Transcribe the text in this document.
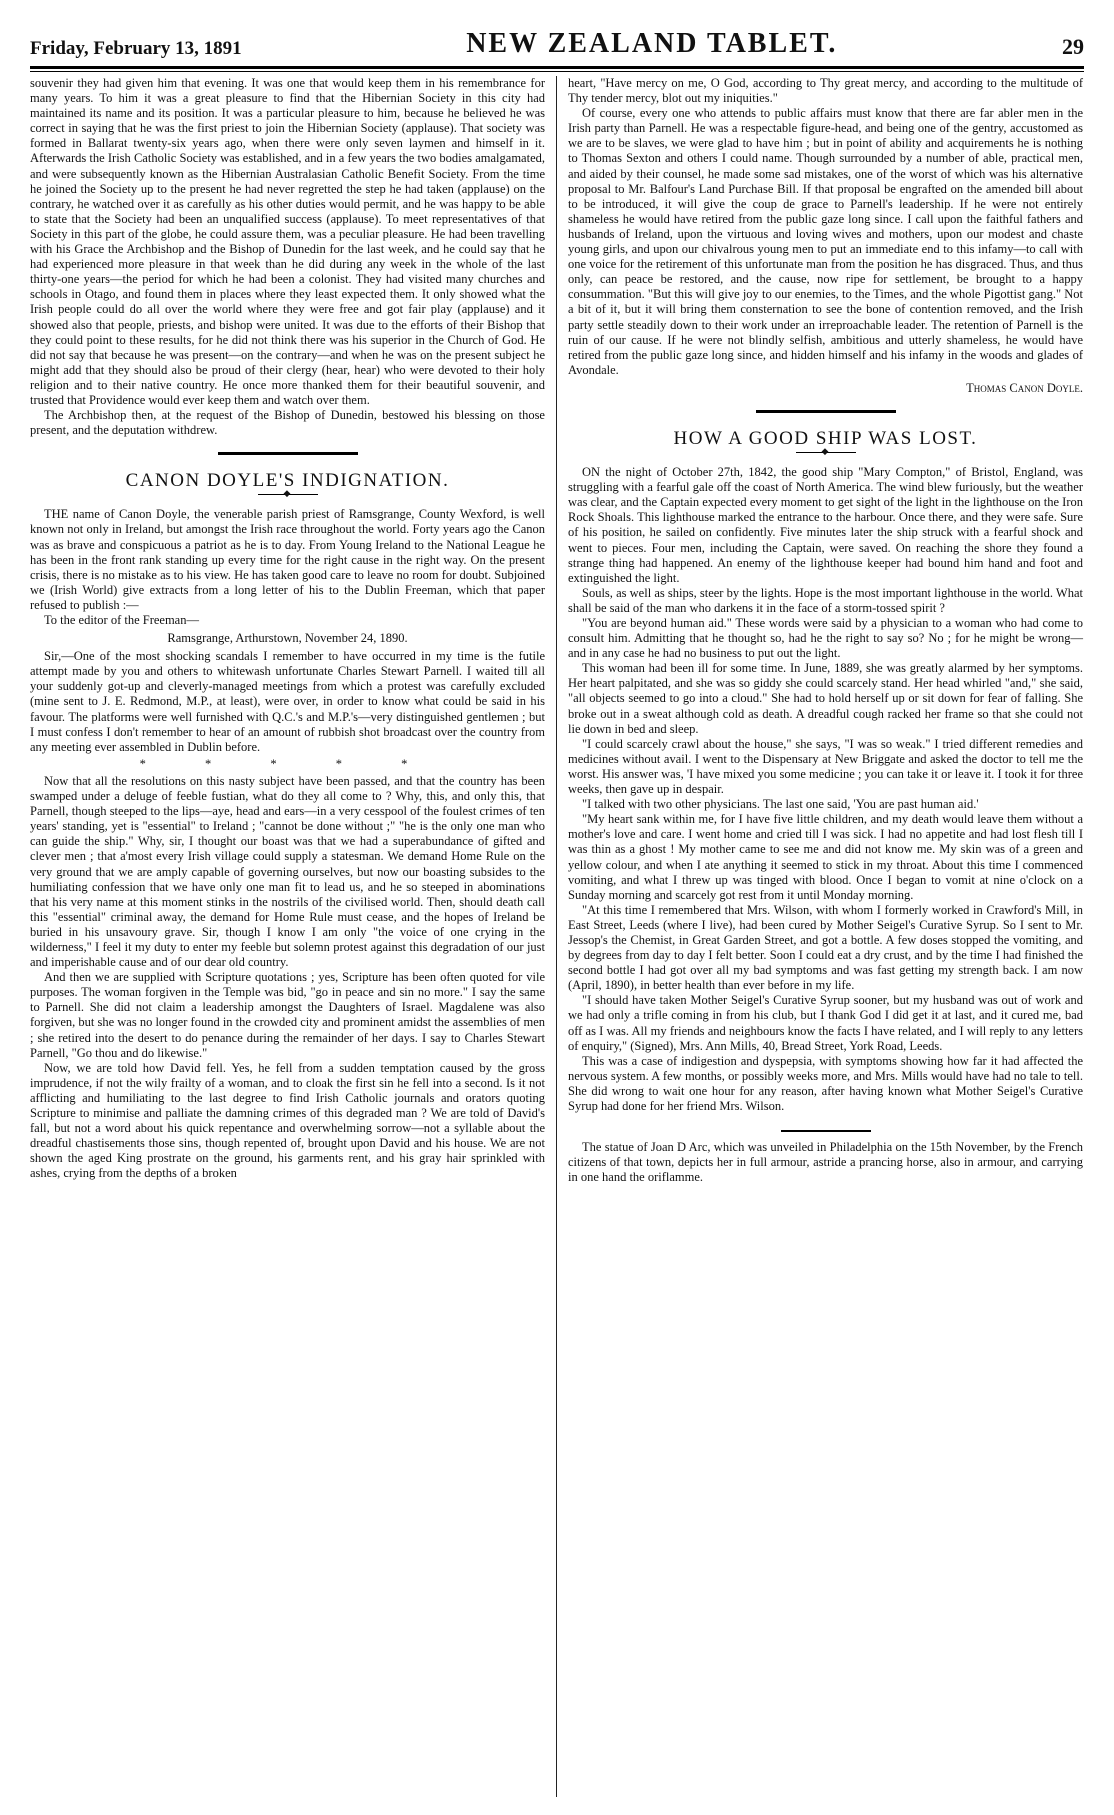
Friday, February 13, 1891	NEW ZEALAND TABLET.	29

souvenir they had given him that evening. It was one that would keep them in his remembrance for many years. To him it was a great pleasure to find that the Hibernian Society in this city had maintained its name and its position. It was a particular pleasure to him, because he believed he was correct in saying that he was the first priest to join the Hibernian Society (applause). That society was formed in Ballarat twenty-six years ago, when there were only seven laymen and himself in it. Afterwards the Irish Catholic Society was established, and in a few years the two bodies amalgamated, and were subsequently known as the Hibernian Australasian Catholic Benefit Society. From the time he joined the Society up to the present he had never regretted the step he had taken (applause) on the contrary, he watched over it as carefully as his other duties would permit, and he was happy to be able to state that the Society had been an unqualified success (applause). To meet representatives of that Society in this part of the globe, he could assure them, was a peculiar pleasure. He had been travelling with his Grace the Archbishop and the Bishop of Dunedin for the last week, and he could say that he had experienced more pleasure in that week than he did during any week in the whole of the last thirty-one years—the period for which he had been a colonist. They had visited many churches and schools in Otago, and found them in places where they least expected them. It only showed what the Irish people could do all over the world where they were free and got fair play (applause) and it showed also that people, priests, and bishop were united. It was due to the efforts of their Bishop that they could point to these results, for he did not think there was his superior in the Church of God. He did not say that because he was present—on the contrary—and when he was on the present subject he might add that they should also be proud of their clergy (hear, hear) who were devoted to their holy religion and to their native country. He once more thanked them for their beautiful souvenir, and trusted that Providence would ever keep them and watch over them.

The Archbishop then, at the request of the Bishop of Dunedin, bestowed his blessing on those present, and the deputation withdrew.

CANON DOYLE'S INDIGNATION.
◆

THE name of Canon Doyle, the venerable parish priest of Ramsgrange, County Wexford, is well known not only in Ireland, but amongst the Irish race throughout the world. Forty years ago the Canon was as brave and conspicuous a patriot as he is to day. From Young Ireland to the National League he has been in the front rank standing up every time for the right cause in the right way. On the present crisis, there is no mistake as to his view. He has taken good care to leave no room for doubt. Subjoined we (Irish World) give extracts from a long letter of his to the Dublin Freeman, which that paper refused to publish :—

To the editor of the Freeman—

Ramsgrange, Arthurstown, November 24, 1890.

Sir,—One of the most shocking scandals I remember to have occurred in my time is the futile attempt made by you and others to whitewash unfortunate Charles Stewart Parnell. I waited till all your suddenly got-up and cleverly-managed meetings from which a protest was carefully excluded (mine sent to J. E. Redmond, M.P., at least), were over, in order to know what could be said in his favour. The platforms were well furnished with Q.C.'s and M.P.'s—very distinguished gentlemen ; but I must confess I don't remember to hear of an amount of rubbish shot broadcast over the country from any meeting ever assembled in Dublin before.

* * * * *

Now that all the resolutions on this nasty subject have been passed, and that the country has been swamped under a deluge of feeble fustian, what do they all come to ? Why, this, and only this, that Parnell, though steeped to the lips—aye, head and ears—in a very cesspool of the foulest crimes of ten years' standing, yet is "essential" to Ireland ; "cannot be done without ;" "he is the only one man who can guide the ship." Why, sir, I thought our boast was that we had a superabundance of gifted and clever men ; that a'most every Irish village could supply a statesman. We demand Home Rule on the very ground that we are amply capable of governing ourselves, but now our boasting subsides to the humiliating confession that we have only one man fit to lead us, and he so steeped in abominations that his very name at this moment stinks in the nostrils of the civilised world. Then, should death call this "essential" criminal away, the demand for Home Rule must cease, and the hopes of Ireland be buried in his unsavoury grave. Sir, though I know I am only "the voice of one crying in the wilderness," I feel it my duty to enter my feeble but solemn protest against this degradation of our just and imperishable cause and of our dear old country.

And then we are supplied with Scripture quotations ; yes, Scripture has been often quoted for vile purposes. The woman forgiven in the Temple was bid, "go in peace and sin no more." I say the same to Parnell. She did not claim a leadership amongst the Daughters of Israel. Magdalene was also forgiven, but she was no longer found in the crowded city and prominent amidst the assemblies of men ; she retired into the desert to do penance during the remainder of her days. I say to Charles Stewart Parnell, "Go thou and do likewise."

Now, we are told how David fell. Yes, he fell from a sudden temptation caused by the gross imprudence, if not the wily frailty of a woman, and to cloak the first sin he fell into a second. Is it not afflicting and humiliating to the last degree to find Irish Catholic journals and orators quoting Scripture to minimise and palliate the damning crimes of this degraded man ? We are told of David's fall, but not a word about his quick repentance and overwhelming sorrow—not a syllable about the dreadful chastisements those sins, though repented of, brought upon David and his house. We are not shown the aged King prostrate on the ground, his garments rent, and his gray hair sprinkled with ashes, crying from the depths of a broken

heart, "Have mercy on me, O God, according to Thy great mercy, and according to the multitude of Thy tender mercy, blot out my iniquities."

Of course, every one who attends to public affairs must know that there are far abler men in the Irish party than Parnell. He was a respectable figure-head, and being one of the gentry, accustomed as we are to be slaves, we were glad to have him ; but in point of ability and acquirements he is nothing to Thomas Sexton and others I could name. Though surrounded by a number of able, practical men, and aided by their counsel, he made some sad mistakes, one of the worst of which was his alternative proposal to Mr. Balfour's Land Purchase Bill. If that proposal be engrafted on the amended bill about to be introduced, it will give the coup de grace to Parnell's leadership. If he were not entirely shameless he would have retired from the public gaze long since. I call upon the faithful fathers and husbands of Ireland, upon the virtuous and loving wives and mothers, upon our modest and chaste young girls, and upon our chivalrous young men to put an immediate end to this infamy—to call with one voice for the retirement of this unfortunate man from the position he has disgraced. Thus, and thus only, can peace be restored, and the cause, now ripe for settlement, be brought to a happy consummation. "But this will give joy to our enemies, to the Times, and the whole Pigottist gang." Not a bit of it, but it will bring them consternation to see the bone of contention removed, and the Irish party settle steadily down to their work under an irreproachable leader. The retention of Parnell is the ruin of our cause. If he were not blindly selfish, ambitious and utterly shameless, he would have retired from the public gaze long since, and hidden himself and his infamy in the woods and glades of Avondale.

Thomas Canon Doyle.

HOW A GOOD SHIP WAS LOST.
◆

ON the night of October 27th, 1842, the good ship "Mary Compton," of Bristol, England, was struggling with a fearful gale off the coast of North America. The wind blew furiously, but the weather was clear, and the Captain expected every moment to get sight of the light in the lighthouse on the Iron Rock Shoals. This lighthouse marked the entrance to the harbour. Once there, and they were safe. Sure of his position, he sailed on confidently. Five minutes later the ship struck with a fearful shock and went to pieces. Four men, including the Captain, were saved. On reaching the shore they found a strange thing had happened. An enemy of the lighthouse keeper had bound him hand and foot and extinguished the light.

Souls, as well as ships, steer by the lights. Hope is the most important lighthouse in the world. What shall be said of the man who darkens it in the face of a storm-tossed spirit ?

"You are beyond human aid." These words were said by a physician to a woman who had come to consult him. Admitting that he thought so, had he the right to say so? No ; for he might be wrong—and in any case he had no business to put out the light.

This woman had been ill for some time. In June, 1889, she was greatly alarmed by her symptoms. Her heart palpitated, and she was so giddy she could scarcely stand. Her head whirled "and," she said, "all objects seemed to go into a cloud." She had to hold herself up or sit down for fear of falling. She broke out in a sweat although cold as death. A dreadful cough racked her frame so that she could not lie down in bed and sleep.

"I could scarcely crawl about the house," she says, "I was so weak." I tried different remedies and medicines without avail. I went to the Dispensary at New Briggate and asked the doctor to tell me the worst. His answer was, 'I have mixed you some medicine ; you can take it or leave it. I took it for three weeks, then gave up in despair.

"I talked with two other physicians. The last one said, 'You are past human aid.'

"My heart sank within me, for I have five little children, and my death would leave them without a mother's love and care. I went home and cried till I was sick. I had no appetite and had lost flesh till I was thin as a ghost ! My mother came to see me and did not know me. My skin was of a green and yellow colour, and when I ate anything it seemed to stick in my throat. About this time I commenced vomiting, and what I threw up was tinged with blood. Once I began to vomit at nine o'clock on a Sunday morning and scarcely got rest from it until Monday morning.

"At this time I remembered that Mrs. Wilson, with whom I formerly worked in Crawford's Mill, in East Street, Leeds (where I live), had been cured by Mother Seigel's Curative Syrup. So I sent to Mr. Jessop's the Chemist, in Great Garden Street, and got a bottle. A few doses stopped the vomiting, and by degrees from day to day I felt better. Soon I could eat a dry crust, and by the time I had finished the second bottle I had got over all my bad symptoms and was fast getting my strength back. I am now (April, 1890), in better health than ever before in my life.

"I should have taken Mother Seigel's Curative Syrup sooner, but my husband was out of work and we had only a trifle coming in from his club, but I thank God I did get it at last, and it cured me, bad off as I was. All my friends and neighbours know the facts I have related, and I will reply to any letters of enquiry," (Signed), Mrs. Ann Mills, 40, Bread Street, York Road, Leeds.

This was a case of indigestion and dyspepsia, with symptoms showing how far it had affected the nervous system. A few months, or possibly weeks more, and Mrs. Mills would have had no tale to tell. She did wrong to wait one hour for any reason, after having known what Mother Seigel's Curative Syrup had done for her friend Mrs. Wilson.

The statue of Joan D Arc, which was unveiled in Philadelphia on the 15th November, by the French citizens of that town, depicts her in full armour, astride a prancing horse, also in armour, and carrying in one hand the oriflamme.
